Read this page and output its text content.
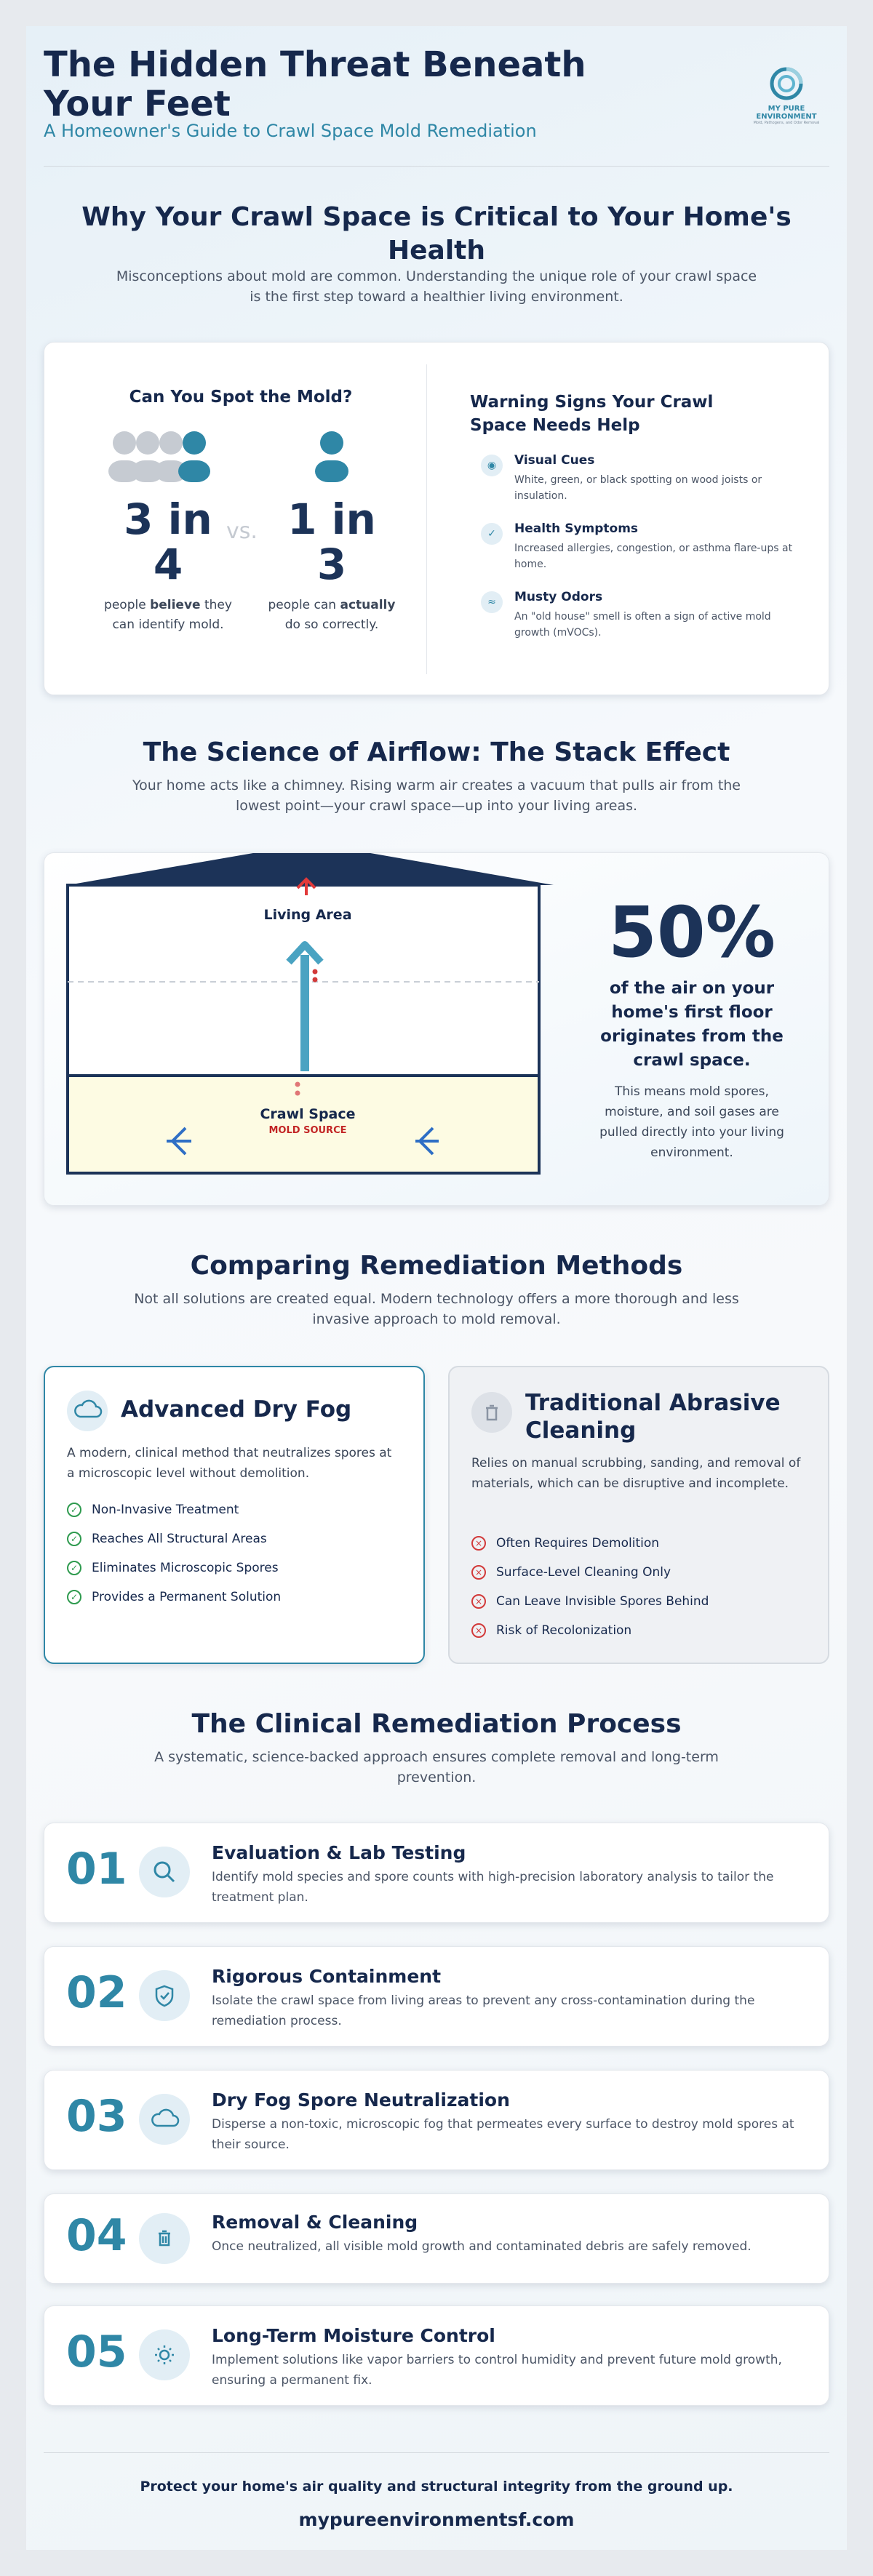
The Hidden Threat Beneath Your Feet
A Homeowner's Guide to Crawl Space Mold Remediation
MY PURE ENVIRONMENT
Mold, Pathogens, and Odor Removal
Why Your Crawl Space is Critical to Your Home's Health
Misconceptions about mold are common. Understanding the unique role of your crawl space is the first step toward a healthier living environment.
Can You Spot the Mold?
3 in 4
people believe they can identify mold.
vs. 1 in 3
people can actually do so correctly.
Warning Signs Your Crawl Space Needs Help
◉	Visual Cues
White, green, or black spotting on wood joists or insulation.
✓	Health Symptoms
Increased allergies, congestion, or asthma flare-ups at home.
≈	Musty Odors
An "old house" smell is often a sign of active mold growth (mVOCs).
The Science of Airflow: The Stack Effect
Your home acts like a chimney. Rising warm air creates a vacuum that pulls air from the lowest point—your crawl space—up into your living areas.
Living Area
Crawl Space
MOLD SOURCE
50%
of the air on your home's first floor originates from the crawl space.
This means mold spores, moisture, and soil gases are pulled directly into your living environment.
Comparing Remediation Methods
Not all solutions are created equal. Modern technology offers a more thorough and less invasive approach to mold removal.
Advanced Dry Fog
A modern, clinical method that neutralizes spores at a microscopic level without demolition.
✓ Non-Invasive Treatment
✓ Reaches All Structural Areas
✓ Eliminates Microscopic Spores
✓ Provides a Permanent Solution
Traditional Abrasive Cleaning
Relies on manual scrubbing, sanding, and removal of materials, which can be disruptive and incomplete.
× Often Requires Demolition
× Surface-Level Cleaning Only
× Can Leave Invisible Spores Behind
× Risk of Recolonization
The Clinical Remediation Process
A systematic, science-backed approach ensures complete removal and long-term prevention.
01	Evaluation & Lab Testing
Identify mold species and spore counts with high-precision laboratory analysis to tailor the treatment plan.
02	Rigorous Containment
Isolate the crawl space from living areas to prevent any cross-contamination during the remediation process.
03	Dry Fog Spore Neutralization
Disperse a non-toxic, microscopic fog that permeates every surface to destroy mold spores at their source.
04	Removal & Cleaning
Once neutralized, all visible mold growth and contaminated debris are safely removed.
05	Long-Term Moisture Control
Implement solutions like vapor barriers to control humidity and prevent future mold growth, ensuring a permanent fix.
Protect your home's air quality and structural integrity from the ground up.
mypureenvironmentsf.com
